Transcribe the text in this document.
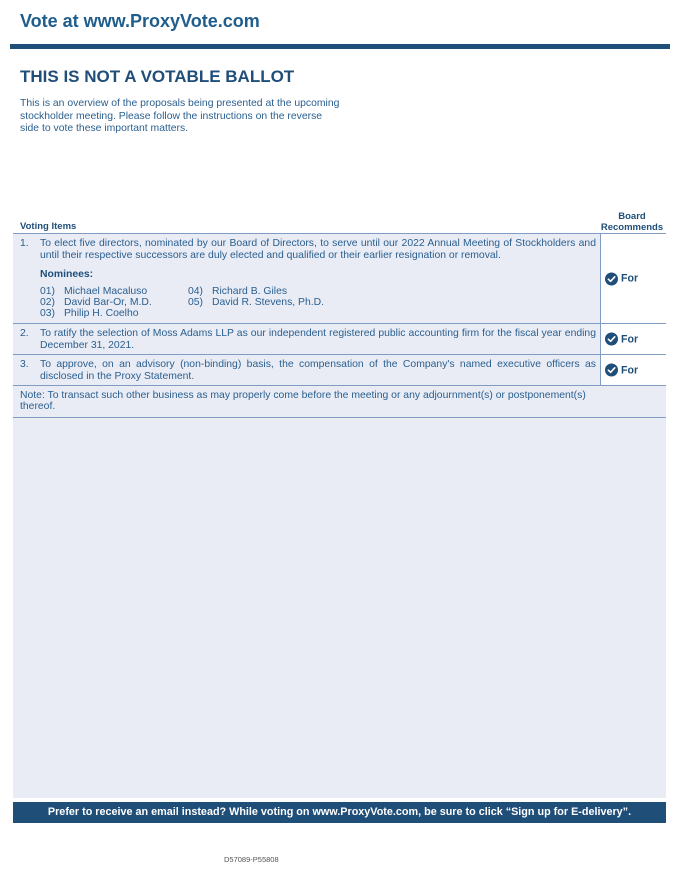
Vote at www.ProxyVote.com
THIS IS NOT A VOTABLE BALLOT
This is an overview of the proposals being presented at the upcoming stockholder meeting. Please follow the instructions on the reverse side to vote these important matters.
Board
Recommends
Voting Items
1. To elect five directors, nominated by our Board of Directors, to serve until our 2022 Annual Meeting of Stockholders and until their respective successors are duly elected and qualified or their earlier resignation or removal.
Nominees:
01) Michael Macaluso
02) David Bar-Or, M.D.
03) Philip H. Coelho
04) Richard B. Giles
05) David R. Stevens, Ph.D.
For
2. To ratify the selection of Moss Adams LLP as our independent registered public accounting firm for the fiscal year ending December 31, 2021.
For
3. To approve, on an advisory (non-binding) basis, the compensation of the Company's named executive officers as disclosed in the Proxy Statement.
For
Note: To transact such other business as may properly come before the meeting or any adjournment(s) or postponement(s) thereof.
Prefer to receive an email instead? While voting on www.ProxyVote.com, be sure to click “Sign up for E-delivery”.
D57089-P55808
